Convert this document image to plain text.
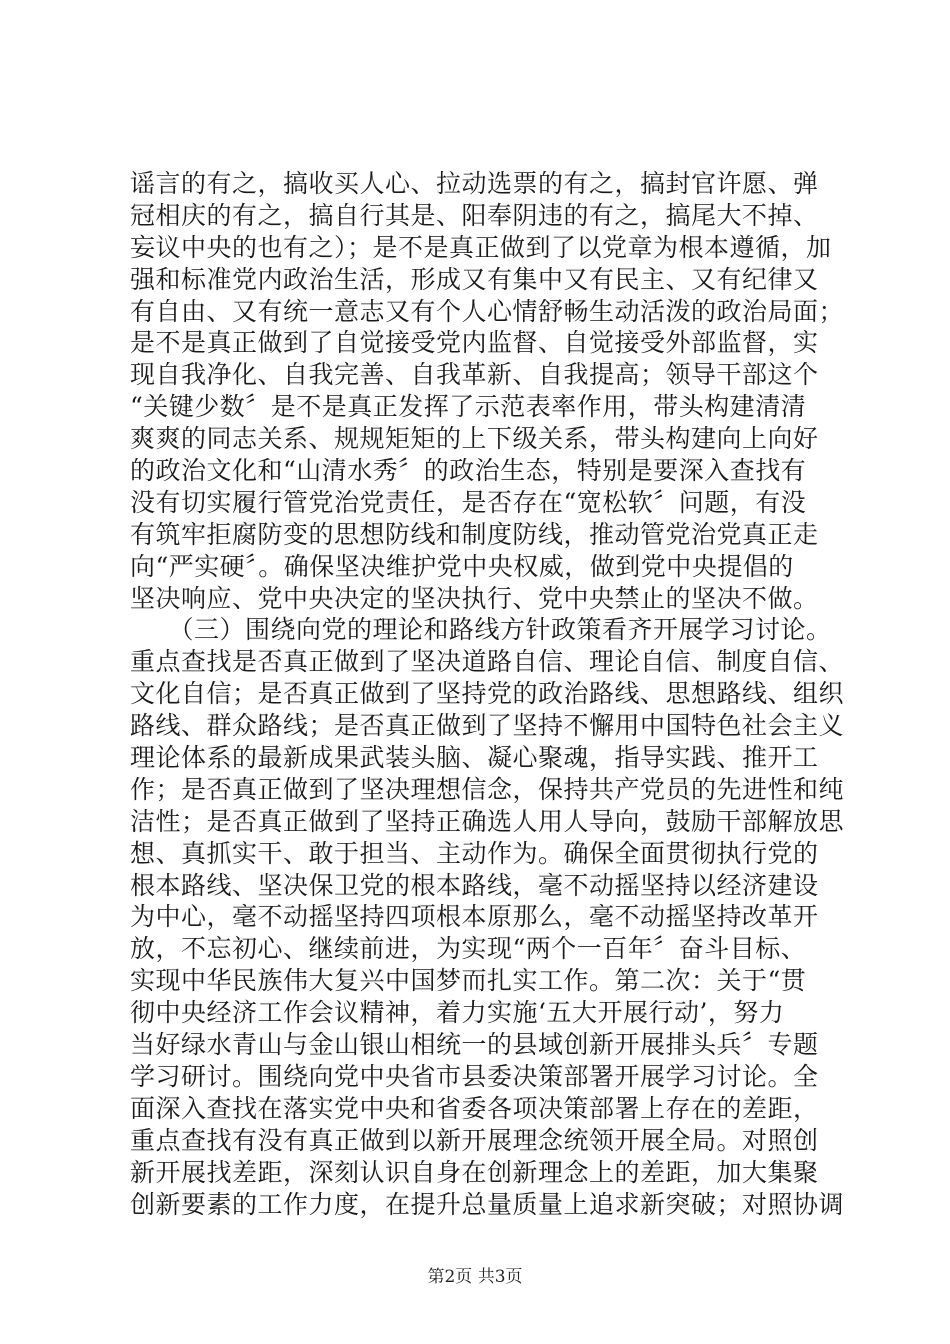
谣言的有之，搞收买人心、拉动选票的有之，搞封官许愿、弹
冠相庆的有之，搞自行其是、阳奉阴违的有之，搞尾大不掉、
妄议中央的也有之）；是不是真正做到了以党章为根本遵循，加
强和标准党内政治生活，形成又有集中又有民主、又有纪律又
有自由、又有统一意志又有个人心情舒畅生动活泼的政治局面；
是不是真正做到了自觉接受党内监督、自觉接受外部监督，实
现自我净化、自我完善、自我革新、自我提高；领导干部这个
“关键少数〞是不是真正发挥了示范表率作用，带头构建清清
爽爽的同志关系、规规矩矩的上下级关系，带头构建向上向好
的政治文化和“山清水秀〞的政治生态，特别是要深入查找有
没有切实履行管党治党责任，是否存在“宽松软〞问题，有没
有筑牢拒腐防变的思想防线和制度防线，推动管党治党真正走
向“严实硬〞。确保坚决维护党中央权威，做到党中央提倡的
坚决响应、党中央决定的坚决执行、党中央禁止的坚决不做。
　　（三）围绕向党的理论和路线方针政策看齐开展学习讨论。
重点查找是否真正做到了坚决道路自信、理论自信、制度自信、
文化自信；是否真正做到了坚持党的政治路线、思想路线、组织
路线、群众路线；是否真正做到了坚持不懈用中国特色社会主义
理论体系的最新成果武装头脑、凝心聚魂，指导实践、推开工
作；是否真正做到了坚决理想信念，保持共产党员的先进性和纯
洁性；是否真正做到了坚持正确选人用人导向，鼓励干部解放思
想、真抓实干、敢于担当、主动作为。确保全面贯彻执行党的
根本路线、坚决保卫党的根本路线，毫不动摇坚持以经济建设
为中心，毫不动摇坚持四项根本原那么，毫不动摇坚持改革开
放，不忘初心、继续前进，为实现“两个一百年〞奋斗目标、
实现中华民族伟大复兴中国梦而扎实工作。第二次：关于“贯
彻中央经济工作会议精神，着力实施‘五大开展行动’，努力
当好绿水青山与金山银山相统一的县域创新开展排头兵〞专题
学习研讨。围绕向党中央省市县委决策部署开展学习讨论。全
面深入查找在落实党中央和省委各项决策部署上存在的差距，
重点查找有没有真正做到以新开展理念统领开展全局。对照创
新开展找差距，深刻认识自身在创新理念上的差距，加大集聚
创新要素的工作力度，在提升总量质量上追求新突破；对照协调
第2页 共3页
